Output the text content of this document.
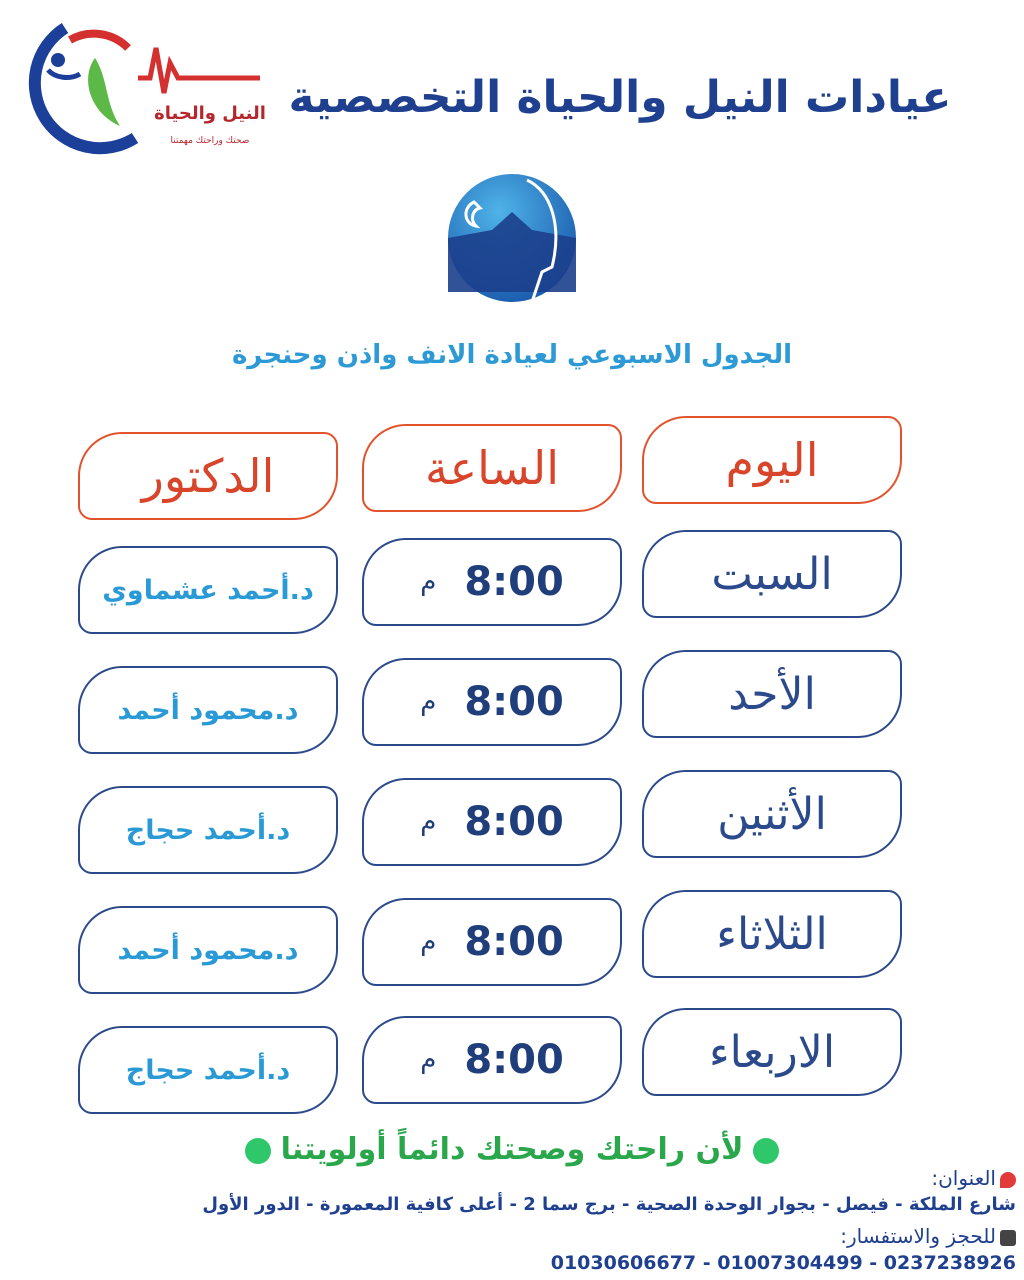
النيل والحياة
صحتك وراحتك مهمتنا
عيادات النيل والحياة التخصصية
الجدول الاسبوعي لعيادة الانف واذن وحنجرة
اليوم
الساعة
الدكتور
السبت
8:00
م
د.أحمد عشماوي
الأحد
8:00
م
د.محمود أحمد
الأثنين
8:00
م
د.أحمد حجاج
الثلاثاء
8:00
م
د.محمود أحمد
الاربعاء
8:00
م
د.أحمد حجاج
لأن راحتك وصحتك دائماً أولويتنا
العنوان:
شارع الملكة - فيصل - بجوار الوحدة الصحية - برج سما 2 - أعلى كافية المعمورة - الدور الأول
للحجز والاستفسار:
01030606677 - 01007304499 - 0237238926
